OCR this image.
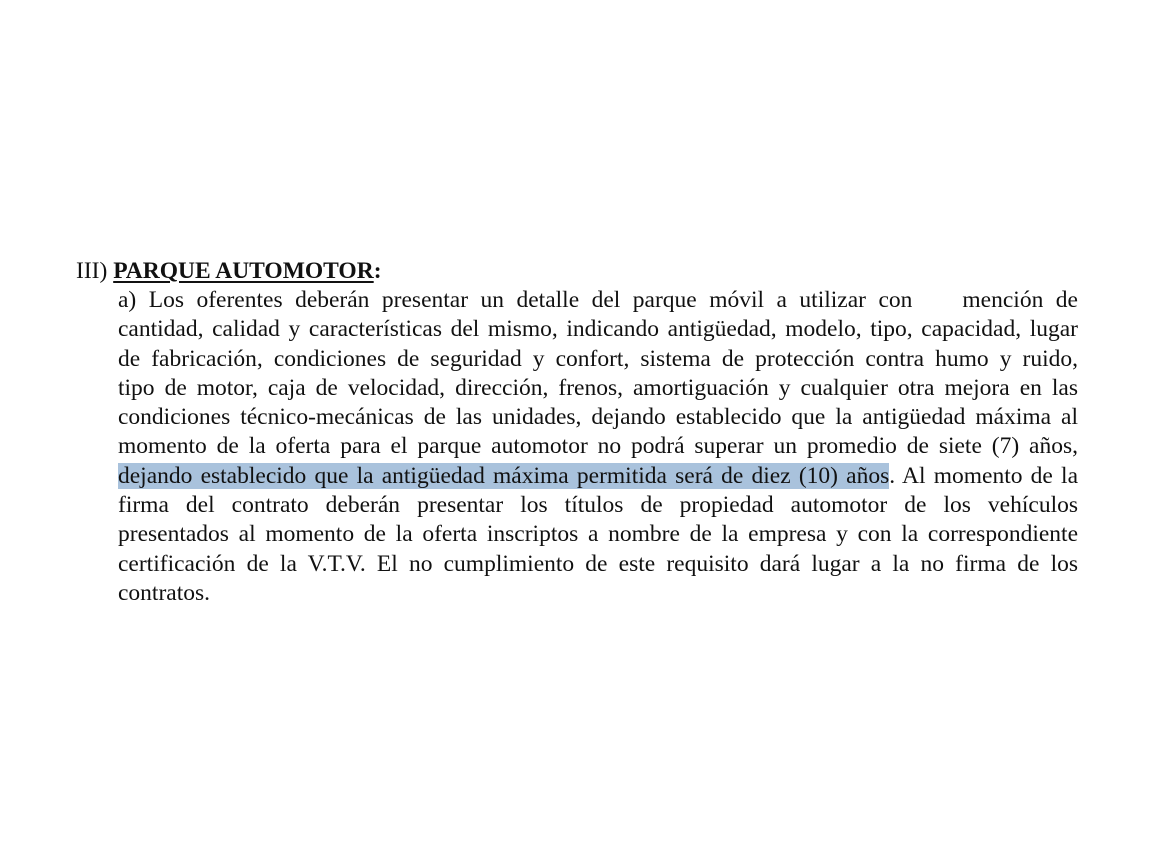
III) PARQUE AUTOMOTOR:
a) Los oferentes deberán presentar un detalle del parque móvil a utilizar con mención de
cantidad, calidad y características del mismo, indicando antigüedad, modelo, tipo, capacidad, lugar
de fabricación, condiciones de seguridad y confort, sistema de protección contra humo y ruido,
tipo de motor, caja de velocidad, dirección, frenos, amortiguación y cualquier otra mejora en las
condiciones técnico-mecánicas de las unidades, dejando establecido que la antigüedad máxima al
momento de la oferta para el parque automotor no podrá superar un promedio de siete (7) años,
dejando establecido que la antigüedad máxima permitida será de diez (10) años. Al momento de la
firma del contrato deberán presentar los títulos de propiedad automotor de los vehículos
presentados al momento de la oferta inscriptos a nombre de la empresa y con la correspondiente
certificación de la V.T.V. El no cumplimiento de este requisito dará lugar a la no firma de los
contratos.
